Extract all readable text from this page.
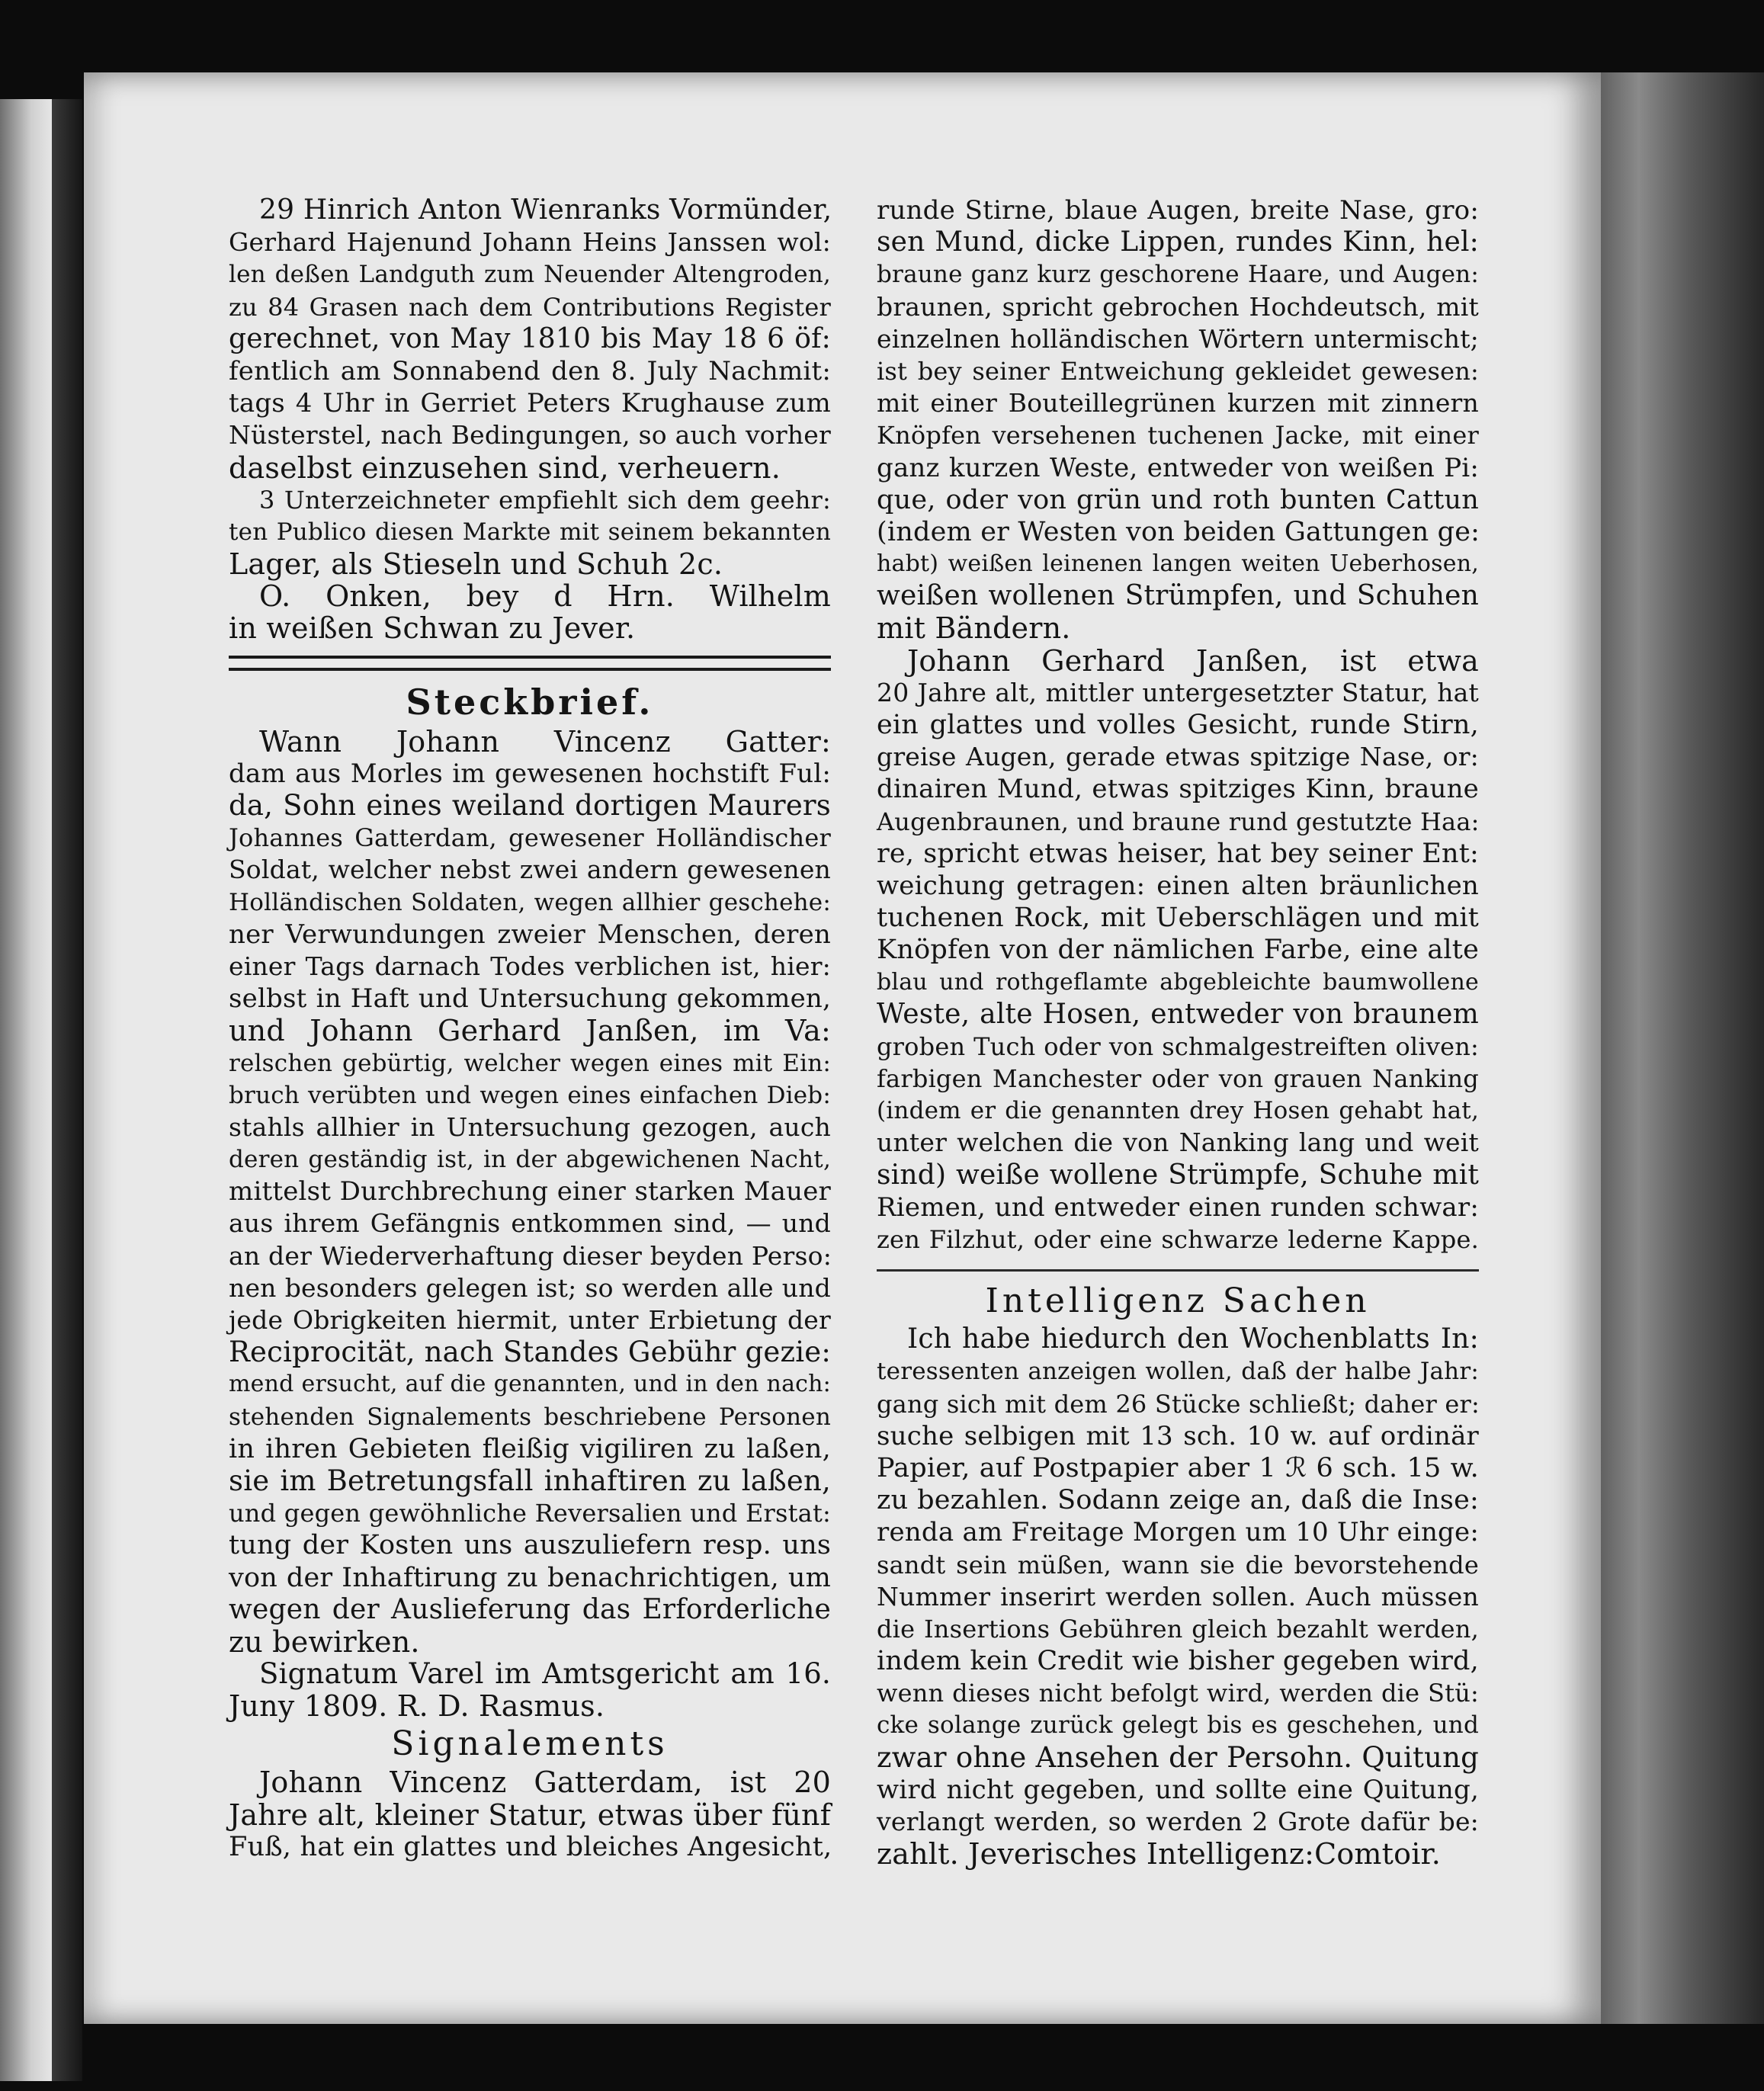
29 Hinrich Anton Wienranks Vormünder,
Gerhard Hajenund Johann Heins Janssen wol:
len deßen Landguth zum Neuender Altengroden,
zu 84 Grasen nach dem Contributions Register
gerechnet, von May 1810 bis May 18 6 öf:
fentlich am Sonnabend den 8. July Nachmit:
tags 4 Uhr in Gerriet Peters Krughause zum
Nüsterstel, nach Bedingungen, so auch vorher
daselbst einzusehen sind, verheuern.
3 Unterzeichneter empfiehlt sich dem geehr:
ten Publico diesen Markte mit seinem bekannten
Lager, als Stieseln und Schuh 2c.
O. Onken, bey d Hrn. Wilhelm
in weißen Schwan zu Jever.
Steckbrief.
Wann Johann Vincenz Gatter:
dam aus Morles im gewesenen hochstift Ful:
da, Sohn eines weiland dortigen Maurers
Johannes Gatterdam, gewesener Holländischer
Soldat, welcher nebst zwei andern gewesenen
Holländischen Soldaten, wegen allhier geschehe:
ner Verwundungen zweier Menschen, deren
einer Tags darnach Todes verblichen ist, hier:
selbst in Haft und Untersuchung gekommen,
und Johann Gerhard Janßen, im Va:
relschen gebürtig, welcher wegen eines mit Ein:
bruch verübten und wegen eines einfachen Dieb:
stahls allhier in Untersuchung gezogen, auch
deren geständig ist, in der abgewichenen Nacht,
mittelst Durchbrechung einer starken Mauer
aus ihrem Gefängnis entkommen sind, — und
an der Wiederverhaftung dieser beyden Perso:
nen besonders gelegen ist; so werden alle und
jede Obrigkeiten hiermit, unter Erbietung der
Reciprocität, nach Standes Gebühr gezie:
mend ersucht, auf die genannten, und in den nach:
stehenden Signalements beschriebene Personen
in ihren Gebieten fleißig vigiliren zu laßen,
sie im Betretungsfall inhaftiren zu laßen,
und gegen gewöhnliche Reversalien und Erstat:
tung der Kosten uns auszuliefern resp. uns
von der Inhaftirung zu benachrichtigen, um
wegen der Auslieferung das Erforderliche
zu bewirken.
Signatum Varel im Amtsgericht am 16.
Juny 1809. R. D. Rasmus.
Signalements
Johann Vincenz Gatterdam, ist 20
Jahre alt, kleiner Statur, etwas über fünf
Fuß, hat ein glattes und bleiches Angesicht,
runde Stirne, blaue Augen, breite Nase, gro:
sen Mund, dicke Lippen, rundes Kinn, hel:
braune ganz kurz geschorene Haare, und Augen:
braunen, spricht gebrochen Hochdeutsch, mit
einzelnen holländischen Wörtern untermischt;
ist bey seiner Entweichung gekleidet gewesen:
mit einer Bouteillegrünen kurzen mit zinnern
Knöpfen versehenen tuchenen Jacke, mit einer
ganz kurzen Weste, entweder von weißen Pi:
que, oder von grün und roth bunten Cattun
(indem er Westen von beiden Gattungen ge:
habt) weißen leinenen langen weiten Ueberhosen,
weißen wollenen Strümpfen, und Schuhen
mit Bändern.
Johann Gerhard Janßen, ist etwa
20 Jahre alt, mittler untergesetzter Statur, hat
ein glattes und volles Gesicht, runde Stirn,
greise Augen, gerade etwas spitzige Nase, or:
dinairen Mund, etwas spitziges Kinn, braune
Augenbraunen, und braune rund gestutzte Haa:
re, spricht etwas heiser, hat bey seiner Ent:
weichung getragen: einen alten bräunlichen
tuchenen Rock, mit Ueberschlägen und mit
Knöpfen von der nämlichen Farbe, eine alte
blau und rothgeflamte abgebleichte baumwollene
Weste, alte Hosen, entweder von braunem
groben Tuch oder von schmalgestreiften oliven:
farbigen Manchester oder von grauen Nanking
(indem er die genannten drey Hosen gehabt hat,
unter welchen die von Nanking lang und weit
sind) weiße wollene Strümpfe, Schuhe mit
Riemen, und entweder einen runden schwar:
zen Filzhut, oder eine schwarze lederne Kappe.
Intelligenz Sachen
Ich habe hiedurch den Wochenblatts In:
teressenten anzeigen wollen, daß der halbe Jahr:
gang sich mit dem 26 Stücke schließt; daher er:
suche selbigen mit 13 sch. 10 w. auf ordinär
Papier, auf Postpapier aber 1 ℛ 6 sch. 15 w.
zu bezahlen. Sodann zeige an, daß die Inse:
renda am Freitage Morgen um 10 Uhr einge:
sandt sein müßen, wann sie die bevorstehende
Nummer inserirt werden sollen. Auch müssen
die Insertions Gebühren gleich bezahlt werden,
indem kein Credit wie bisher gegeben wird,
wenn dieses nicht befolgt wird, werden die Stü:
cke solange zurück gelegt bis es geschehen, und
zwar ohne Ansehen der Persohn. Quitung
wird nicht gegeben, und sollte eine Quitung,
verlangt werden, so werden 2 Grote dafür be:
zahlt. Jeverisches Intelligenz:Comtoir.
